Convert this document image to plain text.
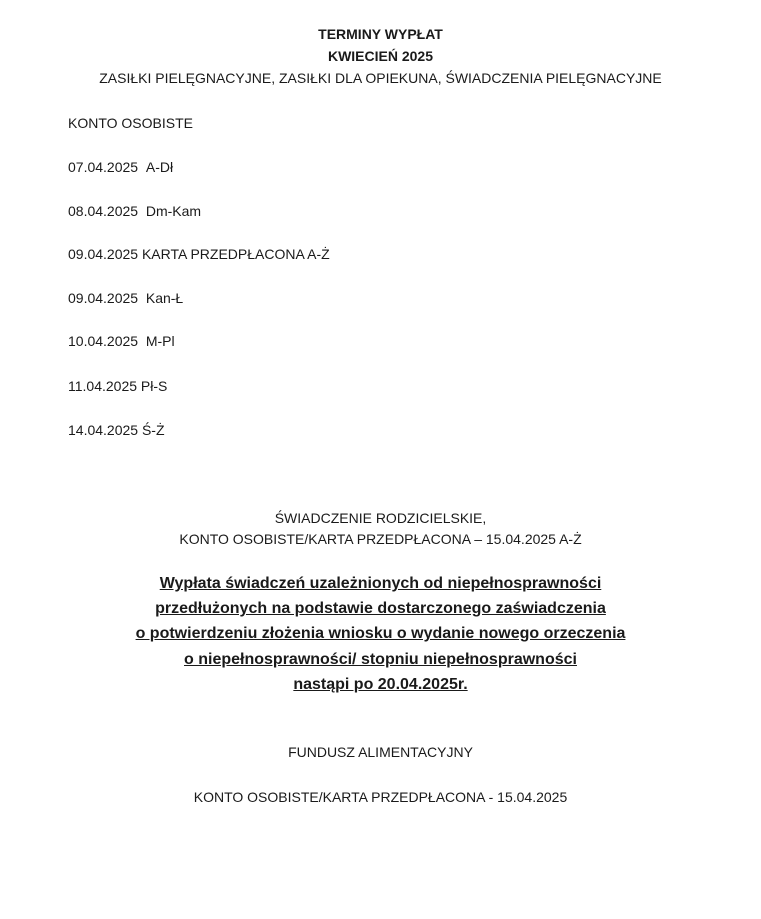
TERMINY WYPŁAT
KWIECIEŃ 2025
ZASIŁKI PIELĘGNACYJNE, ZASIŁKI DLA OPIEKUNA, ŚWIADCZENIA PIELĘGNACYJNE
KONTO OSOBISTE
07.04.2025 A-Dł
08.04.2025 Dm-Kam
09.04.2025 KARTA PRZEDPŁACONA A-Ż
09.04.2025 Kan-Ł
10.04.2025 M-Pl
11.04.2025 Pł-S
14.04.2025 Ś-Ż
ŚWIADCZENIE RODZICIELSKIE,
KONTO OSOBISTE/KARTA PRZEDPŁACONA – 15.04.2025 A-Ż
Wypłata świadczeń uzależnionych od niepełnosprawności
przedłużonych na podstawie dostarczonego zaświadczenia
o potwierdzeniu złożenia wniosku o wydanie nowego orzeczenia
o niepełnosprawności/ stopniu niepełnosprawności
nastąpi po 20.04.2025r.
FUNDUSZ ALIMENTACYJNY
KONTO OSOBISTE/KARTA PRZEDPŁACONA - 15.04.2025
